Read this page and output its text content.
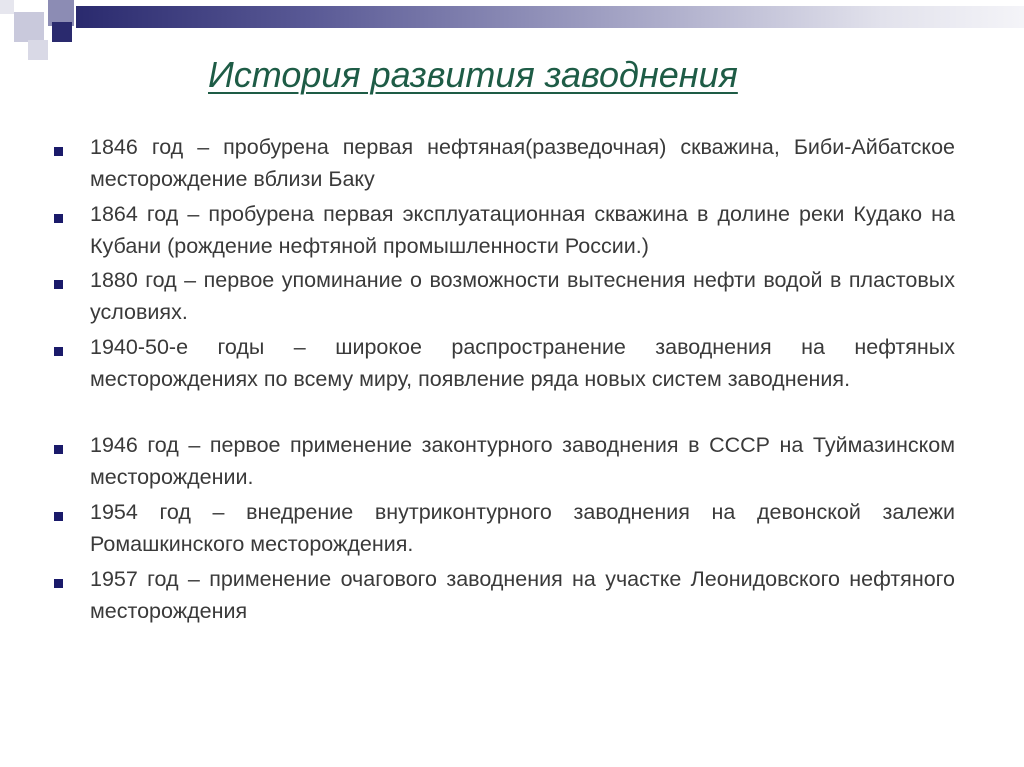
История развития заводнения

1846 год – пробурена первая нефтяная(разведочная) скважина, Биби-Айбатское месторождение вблизи Баку

1864 год – пробурена первая эксплуатационная скважина в долине реки Кудако на Кубани (рождение нефтяной промышленности России.)

1880 год – первое упоминание о возможности вытеснения нефти водой в пластовых условиях.

1940-50-е годы – широкое распространение заводнения на нефтяных месторождениях по всему миру, появление ряда новых систем заводнения.

1946 год – первое применение законтурного заводнения в СССР на Туймазинском месторождении.

1954 год – внедрение внутриконтурного заводнения на девонской залежи Ромашкинского месторождения.

1957 год – применение очагового заводнения на участке Леонидовского нефтяного месторождения
